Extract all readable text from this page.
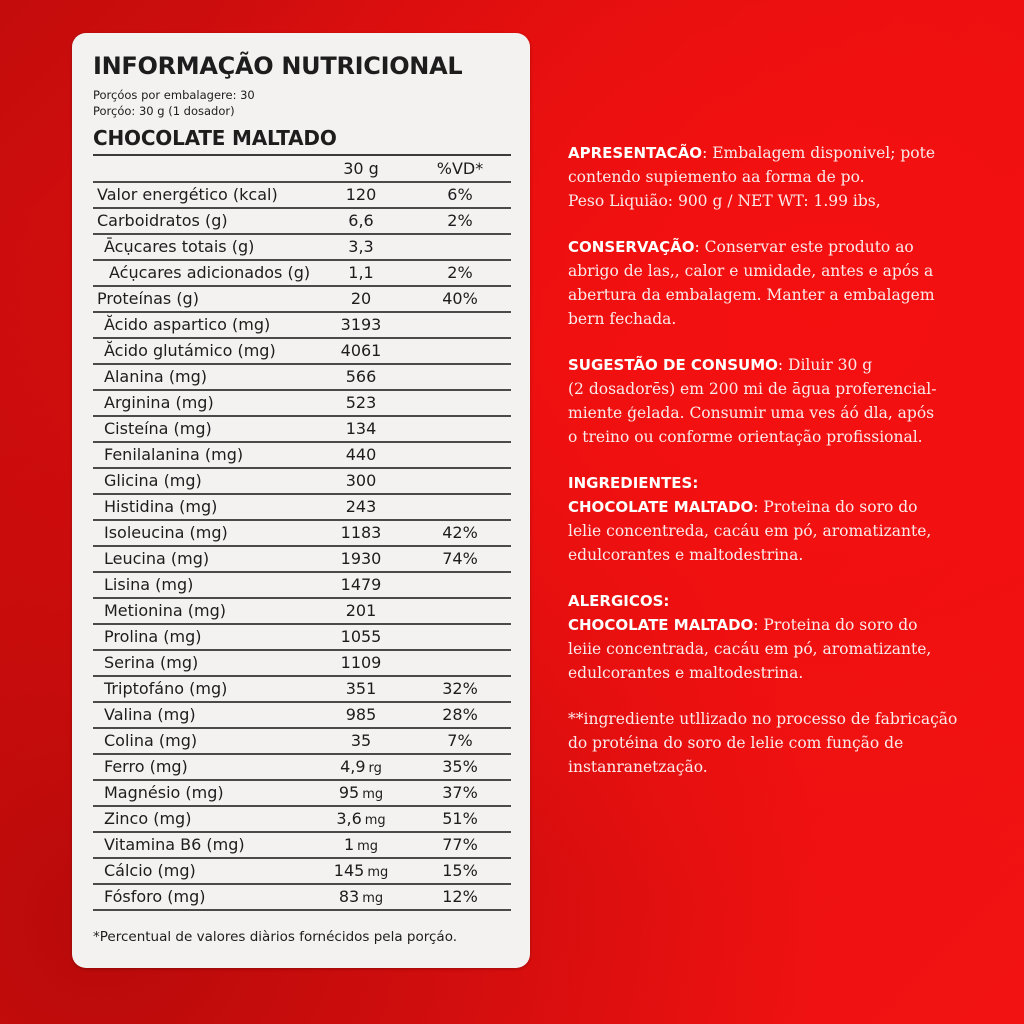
INFORMAÇÃO NUTRICIONAL
Porçóos por embalagere: 30
Porçóo: 30 g (1 dosador)
CHOCOLATE MALTADO
30 g	%VD*
Valor energético (kcal)	120	6%
Carboidratos (g)	6,6	2%
Ācụcares totais (g)	3,3
Aćụcares adicionados (g)	1,1	2%
Proteínas (g)	20	40%
Ăcido aspartico (mg)	3193
Ăcido glutámico (mg)	4061
Alanina (mg)	566
Arginina (mg)	523
Cisteína (mg)	134
Fenilalanina (mg)	440
Glicina (mg)	300
Histidina (mg)	243
Isoleucina (mg)	1183	42%
Leucina (mg)	1930	74%
Lisina (mg)	1479
Metionina (mg)	201
Prolina (mg)	1055
Serina (mg)	1109
Triptofáno (mg)	351	32%
Valina (mg)	985	28%
Colina (mg)	35	7%
Ferro (mg)	4,9 rg	35%
Magnésio (mg)	95 mg	37%
Zinco (mg)	3,6 mg	51%
Vitamina B6 (mg)	1 mg	77%
Cálcio (mg)	145 mg	15%
Fósforo (mg)	83 mg	12%
*Percentual de valores diàrios fornécidos pela porçáo.
APRESENTACÃO: Embalagem disponivel; pote
contendo supiemento aa forma de po.
Peso Liquião: 900 g / NET WT: 1.99 ibs,
CONSERVAÇÃO: Conservar este produto ao
abrigo de las,, calor e umidade, antes e após a
abertura da embalagem. Manter a embalagem
bern fechada.
SUGESTÃO DE CONSUMO: Diluir 30 g
(2 dosadorēs) em 200 mi de āgua proferencial-
miente ģelada. Consumir uma ves áó dla, após
o treino ou conforme orientação profissional.
INGREDIENTES:
CHOCOLATE MALTADO: Proteina do soro do
lelie concentreda, cacáu em pó, aromatizante,
edulcorantes e maltodestrina.
ALERGICOS:
CHOCOLATE MALTADO: Proteina do soro do
leiie concentrada, cacáu em pó, aromatizante,
edulcorantes e maltodestrina.
**ingrediente utllizado no processo de fabricação
do protéina do soro de lelie com função de
instanranetzação.
